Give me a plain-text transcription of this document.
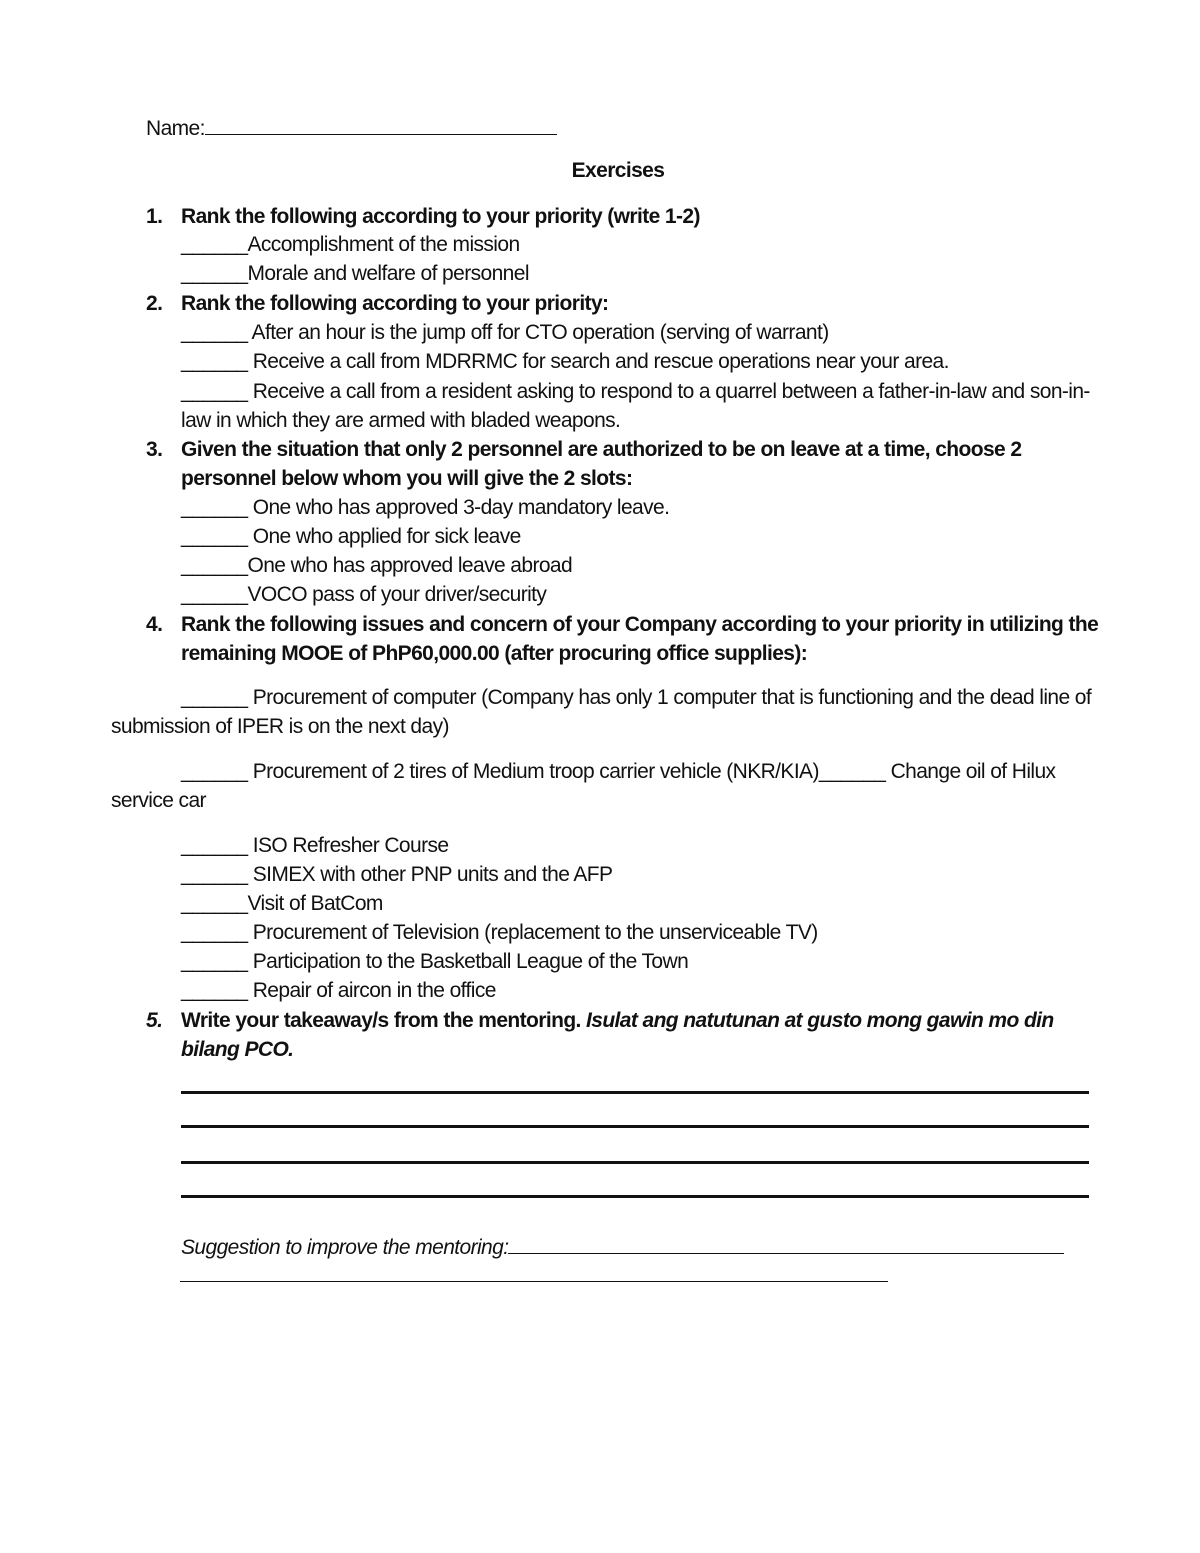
Name:
Exercises
1. Rank the following according to your priority (write 1-2)
______Accomplishment of the mission
______Morale and welfare of personnel
2. Rank the following according to your priority:
______ After an hour is the jump off for CTO operation (serving of warrant)
______ Receive a call from MDRRMC for search and rescue operations near your area.
______ Receive a call from a resident asking to respond to a quarrel between a father-in-law and son-in-
law in which they are armed with bladed weapons.
3. Given the situation that only 2 personnel are authorized to be on leave at a time, choose 2
personnel below whom you will give the 2 slots:
______ One who has approved 3-day mandatory leave.
______ One who applied for sick leave
______One who has approved leave abroad
______VOCO pass of your driver/security
4. Rank the following issues and concern of your Company according to your priority in utilizing the
remaining MOOE of PhP60,000.00 (after procuring office supplies):
______ Procurement of computer (Company has only 1 computer that is functioning and the dead line of
submission of IPER is on the next day)
______ Procurement of 2 tires of Medium troop carrier vehicle (NKR/KIA)______ Change oil of Hilux
service car
______ ISO Refresher Course
______ SIMEX with other PNP units and the AFP
______Visit of BatCom
______ Procurement of Television (replacement to the unserviceable TV)
______ Participation to the Basketball League of the Town
______ Repair of aircon in the office
5. Write your takeaway/s from the mentoring. Isulat ang natutunan at gusto mong gawin mo din
bilang PCO.
Suggestion to improve the mentoring:
